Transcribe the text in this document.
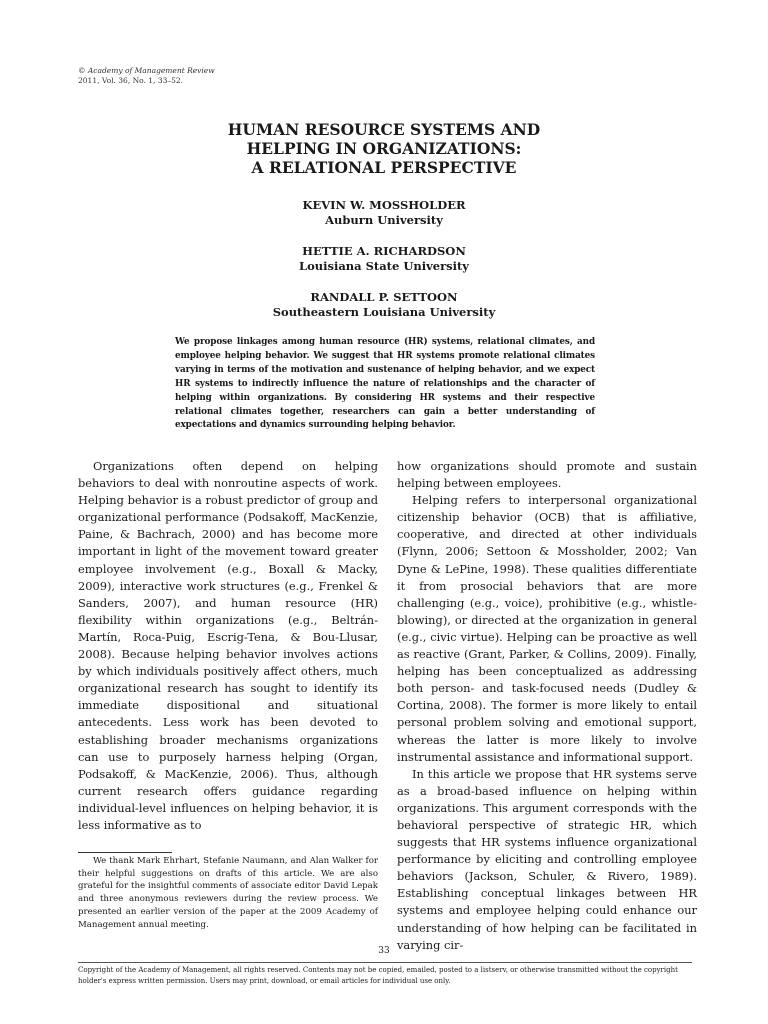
© Academy of Management Review
2011, Vol. 36, No. 1, 33–52.
HUMAN RESOURCE SYSTEMS AND
HELPING IN ORGANIZATIONS:
A RELATIONAL PERSPECTIVE
KEVIN W. MOSSHOLDER
Auburn University
HETTIE A. RICHARDSON
Louisiana State University
RANDALL P. SETTOON
Southeastern Louisiana University
We propose linkages among human resource (HR) systems, relational climates, and employee helping behavior. We suggest that HR systems promote relational climates varying in terms of the motivation and sustenance of helping behavior, and we expect HR systems to indirectly influence the nature of relationships and the character of helping within organizations. By considering HR systems and their respective relational climates together, researchers can gain a better understanding of expectations and dynamics surrounding helping behavior.

Organizations often depend on helping behaviors to deal with nonroutine aspects of work. Helping behavior is a robust predictor of group and organizational performance (Podsakoff, MacKenzie, Paine, & Bachrach, 2000) and has become more important in light of the movement toward greater employee involvement (e.g., Boxall & Macky, 2009), interactive work structures (e.g., Frenkel & Sanders, 2007), and human resource (HR) flexibility within organizations (e.g., Beltrán-Martín, Roca-Puig, Escrig-Tena, & Bou-Llusar, 2008). Because helping behavior involves actions by which individuals positively affect others, much organizational research has sought to identify its immediate dispositional and situational antecedents. Less work has been devoted to establishing broader mechanisms organizations can use to purposely harness helping (Organ, Podsakoff, & MacKenzie, 2006). Thus, although current research offers guidance regarding individual-level influences on helping behavior, it is less informative as to

how organizations should promote and sustain helping between employees.

Helping refers to interpersonal organizational citizenship behavior (OCB) that is affiliative, cooperative, and directed at other individuals (Flynn, 2006; Settoon & Mossholder, 2002; Van Dyne & LePine, 1998). These qualities differentiate it from prosocial behaviors that are more challenging (e.g., voice), prohibitive (e.g., whistle-blowing), or directed at the organization in general (e.g., civic virtue). Helping can be proactive as well as reactive (Grant, Parker, & Collins, 2009). Finally, helping has been conceptualized as addressing both person- and task-focused needs (Dudley & Cortina, 2008). The former is more likely to entail personal problem solving and emotional support, whereas the latter is more likely to involve instrumental assistance and informational support.

In this article we propose that HR systems serve as a broad-based influence on helping within organizations. This argument corresponds with the behavioral perspective of strategic HR, which suggests that HR systems influence organizational performance by eliciting and controlling employee behaviors (Jackson, Schuler, & Rivero, 1989). Establishing conceptual linkages between HR systems and employee helping could enhance our understanding of how helping can be facilitated in varying cir-

We thank Mark Ehrhart, Stefanie Naumann, and Alan Walker for their helpful suggestions on drafts of this article. We are also grateful for the insightful comments of associate editor David Lepak and three anonymous reviewers during the review process. We presented an earlier version of the paper at the 2009 Academy of Management annual meeting.

33
Copyright of the Academy of Management, all rights reserved. Contents may not be copied, emailed, posted to a listserv, or otherwise transmitted without the copyright holder's express written permission. Users may print, download, or email articles for individual use only.
